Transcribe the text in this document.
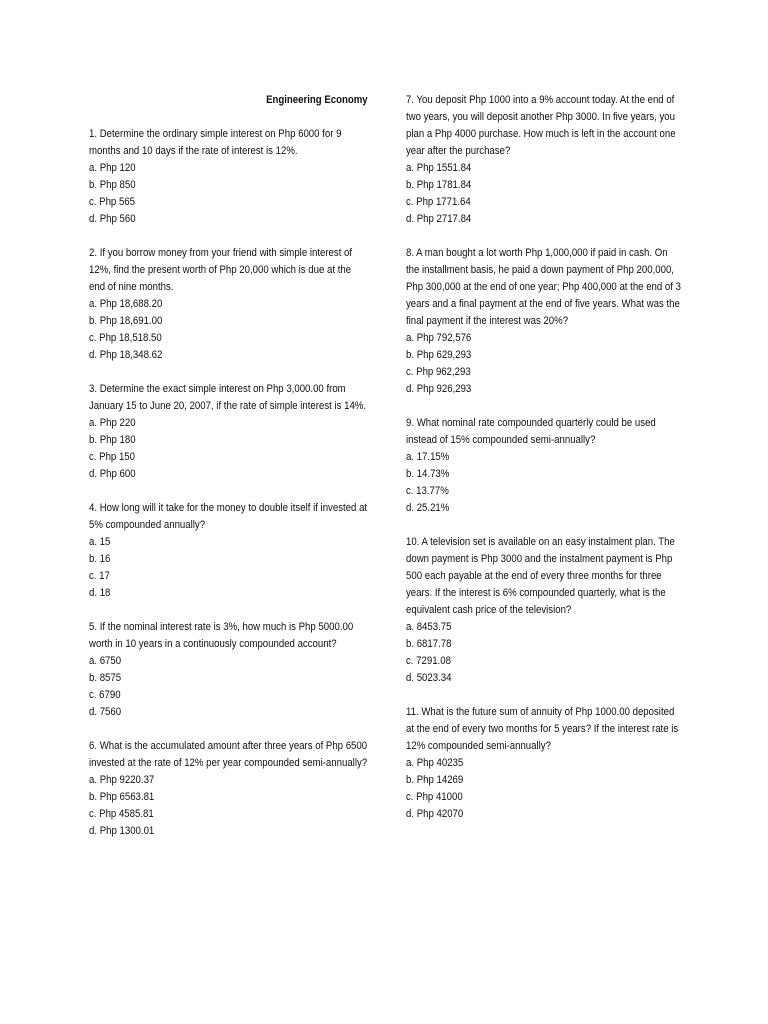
Engineering Economy

1. Determine the ordinary simple interest on Php 6000 for 9 months and 10 days if the rate of interest is 12%.

a. Php 120

b. Php 850

c. Php 565

d. Php 560

2. If you borrow money from your friend with simple interest of 12%, find the present worth of Php 20,000 which is due at the end of nine months.

a. Php 18,688.20

b. Php 18,691.00

c. Php 18,518.50

d. Php 18,348.62

3. Determine the exact simple interest on Php 3,000.00 from January 15 to June 20, 2007, if the rate of simple interest is 14%.

a. Php 220

b. Php 180

c. Php 150

d. Php 600

4. How long will it take for the money to double itself if invested at 5% compounded annually?

a. 15

b. 16

c. 17

d. 18

5. If the nominal interest rate is 3%, how much is Php 5000.00 worth in 10 years in a continuously compounded account?

a. 6750

b. 8575

c. 6790

d. 7560

6. What is the accumulated amount after three years of Php 6500 invested at the rate of 12% per year compounded semi-annually?

a. Php 9220.37

b. Php 6563.81

c. Php 4585.81

d. Php 1300.01

7. You deposit Php 1000 into a 9% account today. At the end of two years, you will deposit another Php 3000. In five years, you plan a Php 4000 purchase. How much is left in the account one year after the purchase?

a. Php 1551.84

b. Php 1781.84

c. Php 1771.64

d. Php 2717.84

8. A man bought a lot worth Php 1,000,000 if paid in cash. On the installment basis, he paid a down payment of Php 200,000, Php 300,000 at the end of one year; Php 400,000 at the end of 3 years and a final payment at the end of five years. What was the final payment if the interest was 20%?

a. Php 792,576

b. Php 629,293

c. Php 962,293

d. Php 926,293

9. What nominal rate compounded quarterly could be used instead of 15% compounded semi-annually?

a. 17.15%

b. 14.73%

c. 13.77%

d. 25.21%

10. A television set is available on an easy instalment plan. The down payment is Php 3000 and the instalment payment is Php 500 each payable at the end of every three months for three years. If the interest is 6% compounded quarterly, what is the equivalent cash price of the television?

a. 8453.75

b. 6817.78

c. 7291.08

d. 5023.34

11. What is the future sum of annuity of Php 1000.00 deposited at the end of every two months for 5 years? If the interest rate is 12% compounded semi-annually?

a. Php 40235

b. Php 14269

c. Php 41000

d. Php 42070
